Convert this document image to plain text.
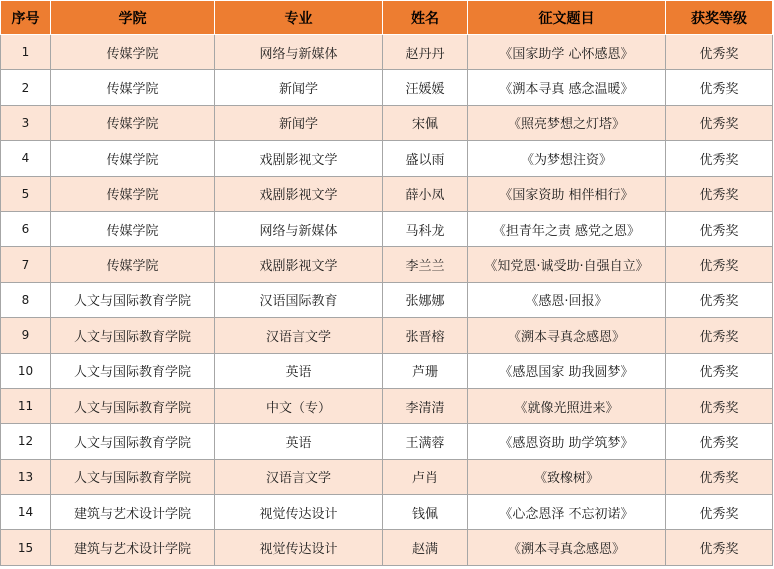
序号	学院	专业	姓名	征文题目	获奖等级
1	传媒学院	网络与新媒体	赵丹丹	《国家助学 心怀感恩》	优秀奖
2	传媒学院	新闻学	汪媛媛	《溯本寻真 感念温暖》	优秀奖
3	传媒学院	新闻学	宋佩	《照亮梦想之灯塔》	优秀奖
4	传媒学院	戏剧影视文学	盛以雨	《为梦想注资》	优秀奖
5	传媒学院	戏剧影视文学	薛小凤	《国家资助 相伴相行》	优秀奖
6	传媒学院	网络与新媒体	马科龙	《担青年之责 感党之恩》	优秀奖
7	传媒学院	戏剧影视文学	李兰兰	《知党恩·诚受助·自强自立》	优秀奖
8	人文与国际教育学院	汉语国际教育	张娜娜	《感恩·回报》	优秀奖
9	人文与国际教育学院	汉语言文学	张晋榕	《溯本寻真念感恩》	优秀奖
10	人文与国际教育学院	英语	芦珊	《感恩国家 助我圆梦》	优秀奖
11	人文与国际教育学院	中文（专）	李清清	《就像光照进来》	优秀奖
12	人文与国际教育学院	英语	王满蓉	《感恩资助 助学筑梦》	优秀奖
13	人文与国际教育学院	汉语言文学	卢肖	《致橡树》	优秀奖
14	建筑与艺术设计学院	视觉传达设计	钱佩	《心念恩泽 不忘初诺》	优秀奖
15	建筑与艺术设计学院	视觉传达设计	赵满	《溯本寻真念感恩》	优秀奖
